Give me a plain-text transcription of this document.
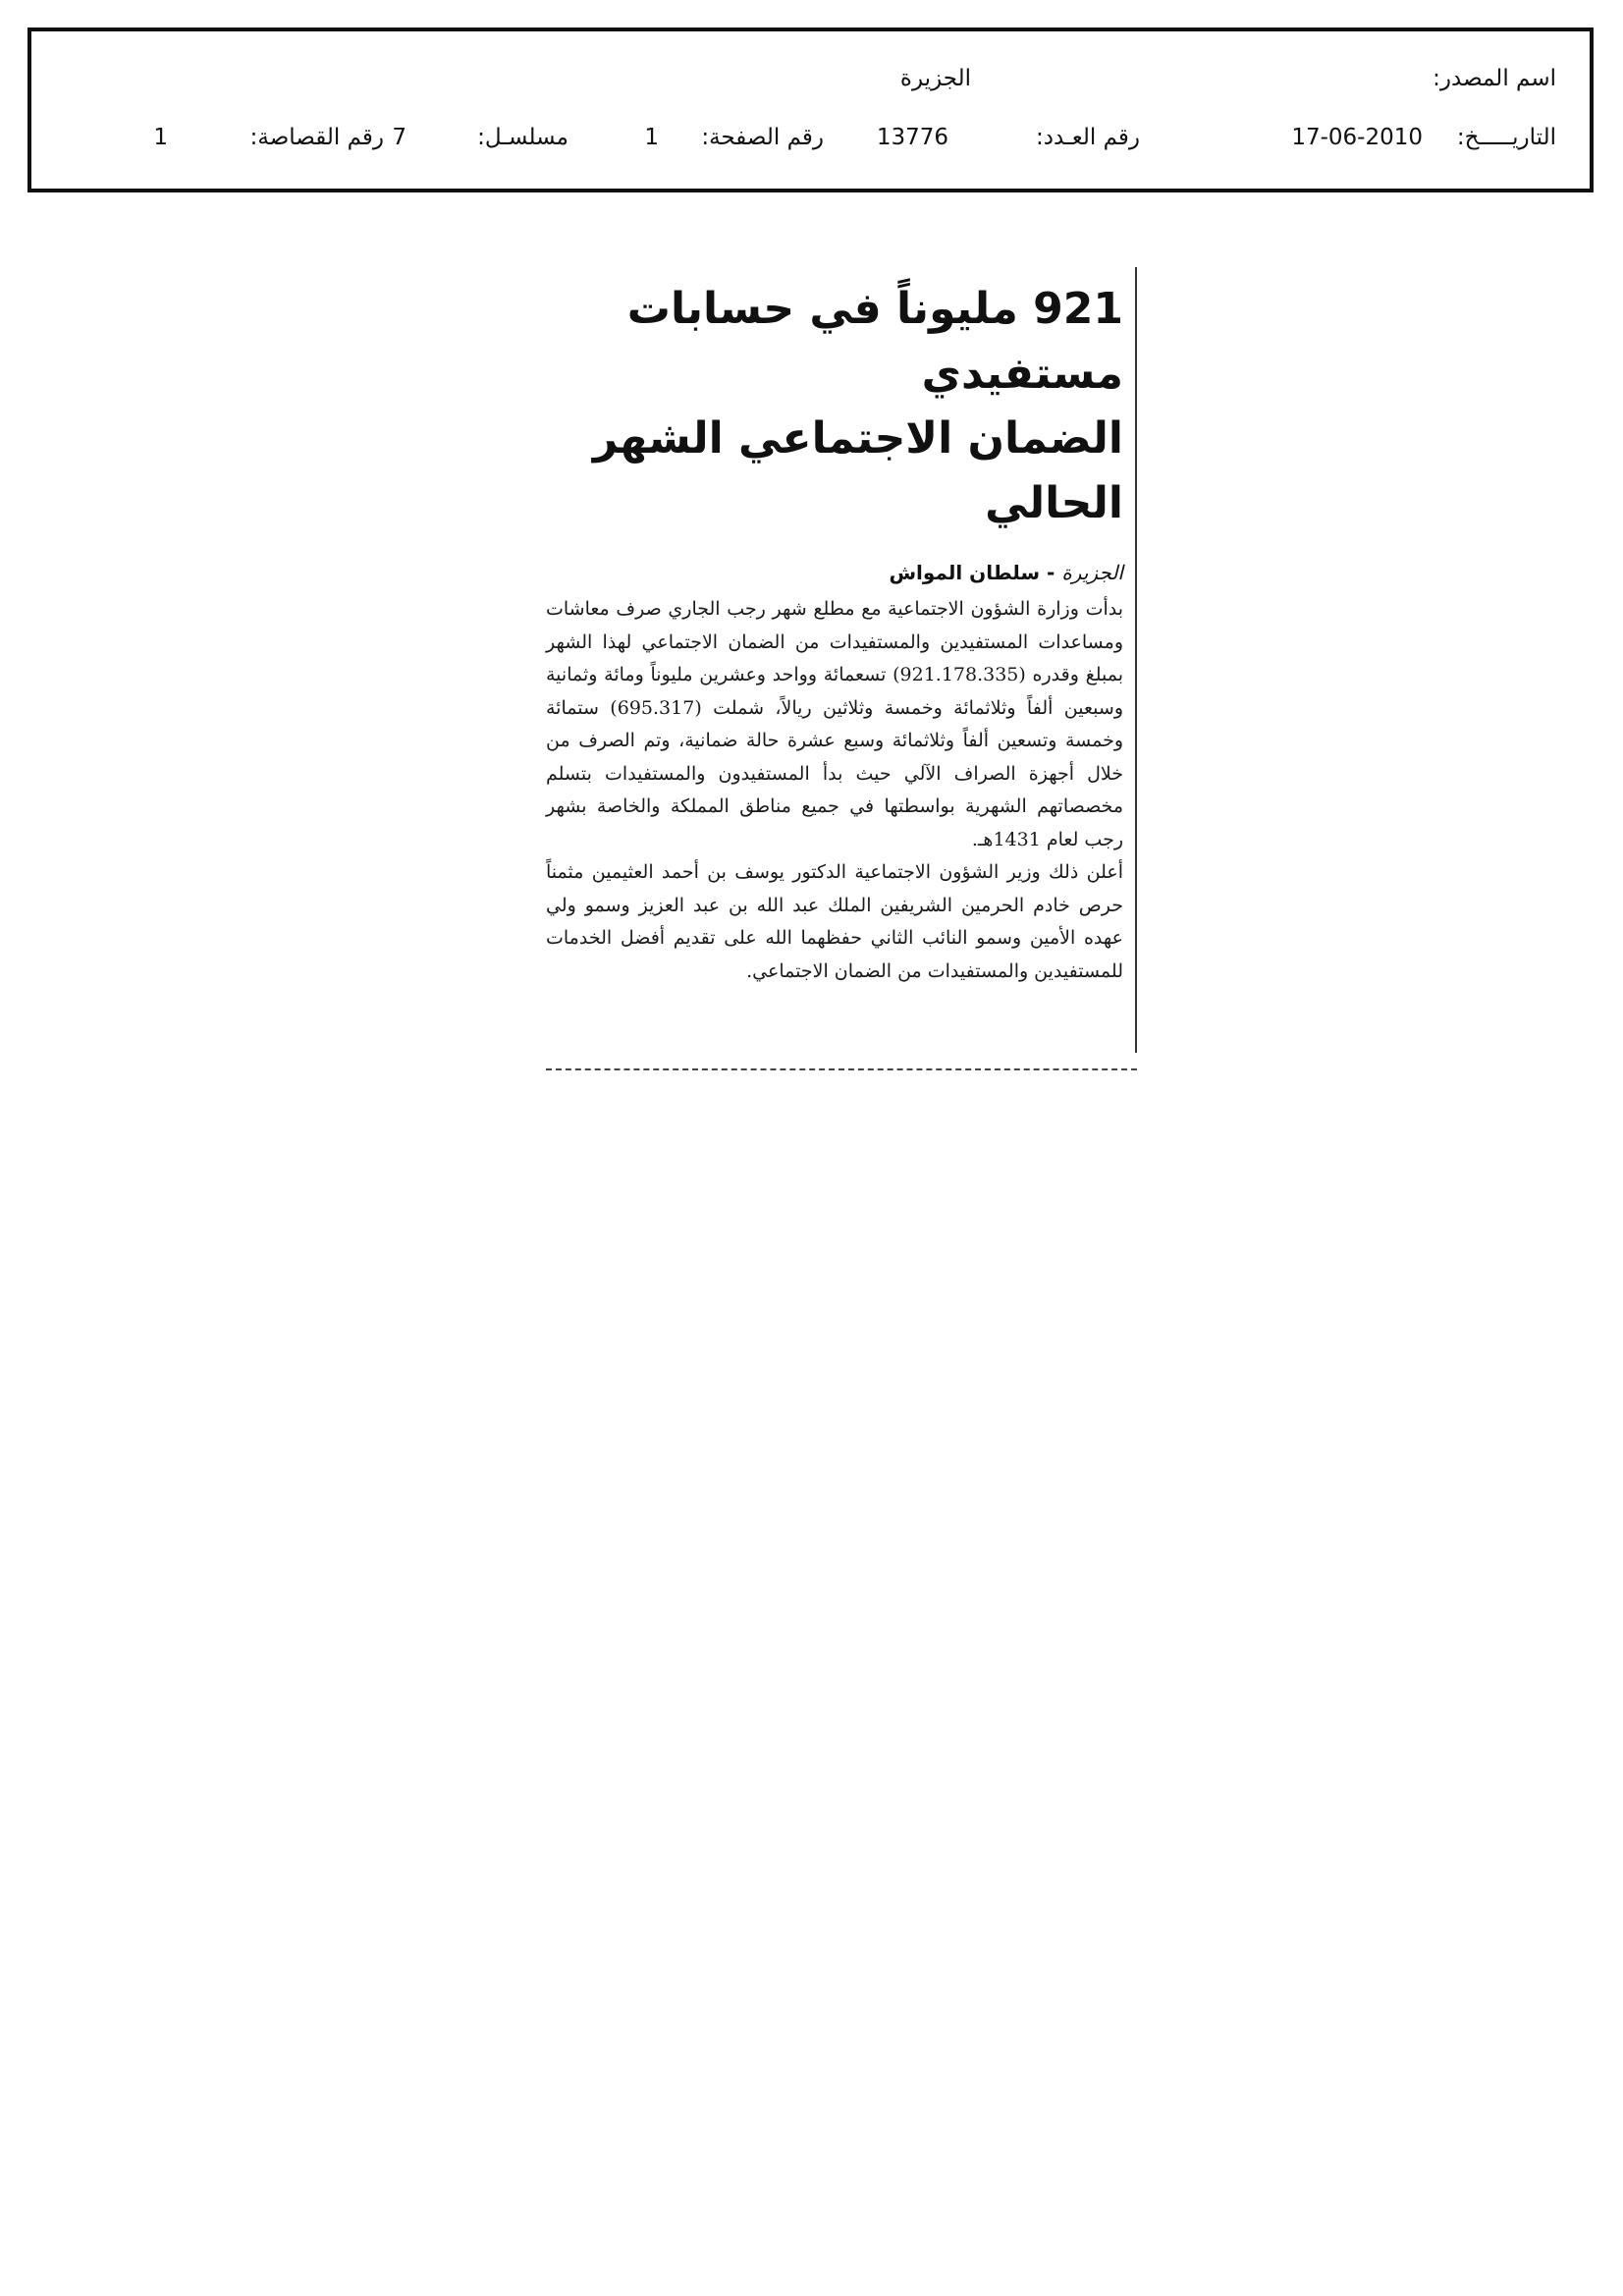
اسم المصدر:
الجزيرة
التاريـــــخ:
17-06-2010
رقم العـدد:
13776
رقم الصفحة:
1
مسلسـل:
7
رقم القصاصة:
1
921 مليوناً في حسابات مستفيدي
الضمان الاجتماعي الشهر الحالي
الجزيرة - سلطان المواش

بدأت وزارة الشؤون الاجتماعية مع مطلع شهر رجب الجاري صرف معاشات ومساعدات المستفيدين والمستفيدات من الضمان الاجتماعي لهذا الشهر بمبلغ وقدره (921.178.335) تسعمائة وواحد وعشرين مليوناً ومائة وثمانية وسبعين ألفاً وثلاثمائة وخمسة وثلاثين ريالاً، شملت (695.317) ستمائة وخمسة وتسعين ألفاً وثلاثمائة وسبع عشرة حالة ضمانية، وتم الصرف من خلال أجهزة الصراف الآلي حيث بدأ المستفيدون والمستفيدات بتسلم مخصصاتهم الشهرية بواسطتها في جميع مناطق المملكة والخاصة بشهر رجب لعام 1431هـ.

أعلن ذلك وزير الشؤون الاجتماعية الدكتور يوسف بن أحمد العثيمين مثمناً حرص خادم الحرمين الشريفين الملك عبد الله بن عبد العزيز وسمو ولي عهده الأمين وسمو النائب الثاني حفظهما الله على تقديم أفضل الخدمات للمستفيدين والمستفيدات من الضمان الاجتماعي.
